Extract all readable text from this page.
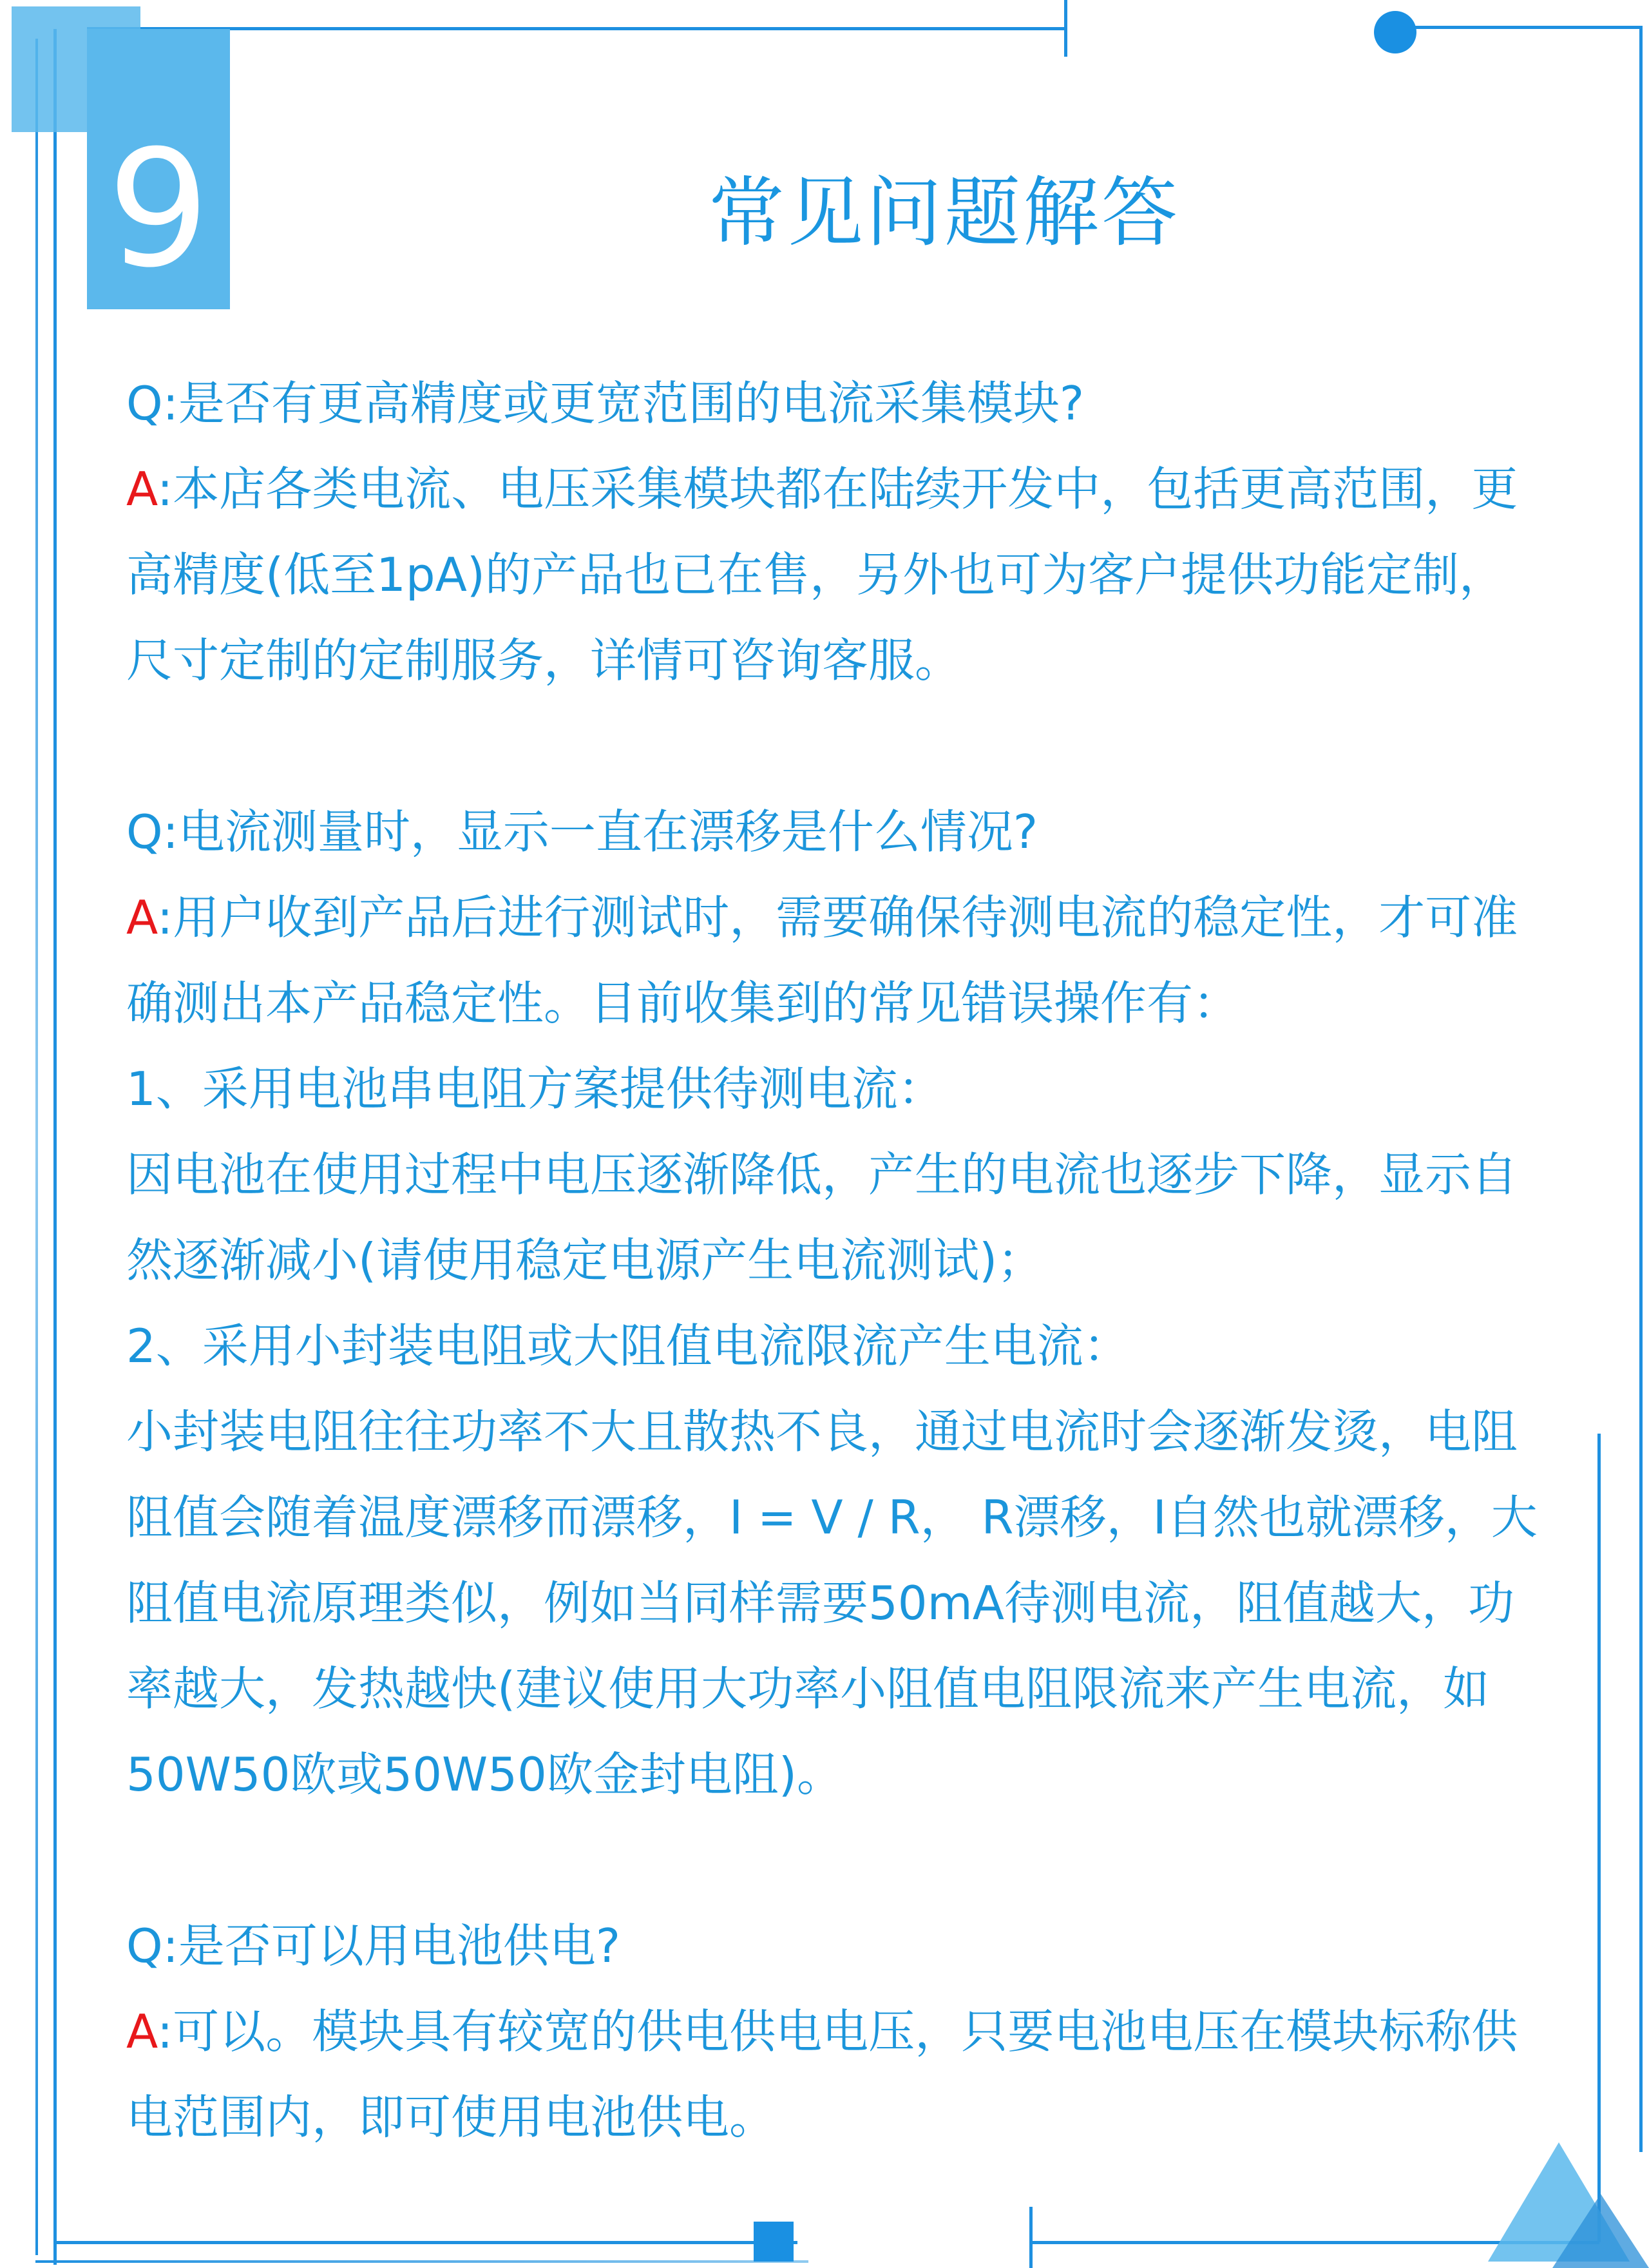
9	常见问题解答

Q:是否有更高精度或更宽范围的电流采集模块?

A:本店各类电流、电压采集模块都在陆续开发中，包括更高范围，更

高精度(低至1pA)的产品也已在售，另外也可为客户提供功能定制，

尺寸定制的定制服务，详情可咨询客服。

Q:电流测量时，显示一直在漂移是什么情况?

A:用户收到产品后进行测试时，需要确保待测电流的稳定性，才可准

确测出本产品稳定性。目前收集到的常见错误操作有：

1、采用电池串电阻方案提供待测电流：

因电池在使用过程中电压逐渐降低，产生的电流也逐步下降，显示自

然逐渐减小(请使用稳定电源产生电流测试)；

2、采用小封装电阻或大阻值电流限流产生电流：

小封装电阻往往功率不大且散热不良，通过电流时会逐渐发烫，电阻

阻值会随着温度漂移而漂移，I = V / R， R漂移，I自然也就漂移，大

阻值电流原理类似，例如当同样需要50mA待测电流，阻值越大，功

率越大，发热越快(建议使用大功率小阻值电阻限流来产生电流，如

50W50欧或50W50欧金封电阻)。

Q:是否可以用电池供电?

A:可以。模块具有较宽的供电供电电压，只要电池电压在模块标称供

电范围内，即可使用电池供电。
